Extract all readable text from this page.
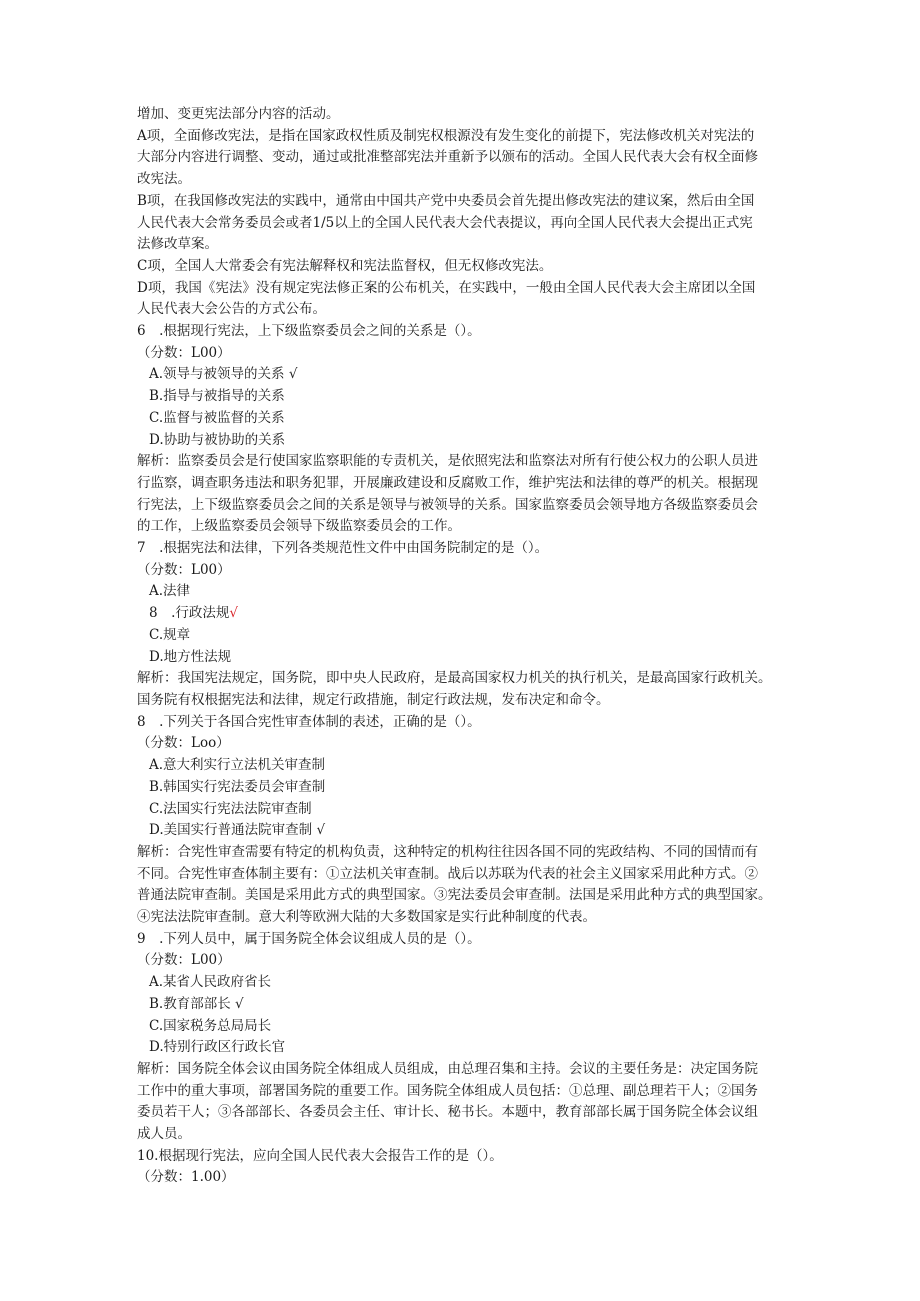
增加、变更宪法部分内容的活动。

A项，全面修改宪法，是指在国家政权性质及制宪权根源没有发生变化的前提下，宪法修改机关对宪法的

大部分内容进行调整、变动，通过或批准整部宪法并重新予以颁布的活动。全国人民代表大会有权全面修

改宪法。

B项，在我国修改宪法的实践中，通常由中国共产党中央委员会首先提出修改宪法的建议案，然后由全国

人民代表大会常务委员会或者1/5以上的全国人民代表大会代表提议，再向全国人民代表大会提出正式宪

法修改草案。

C项，全国人大常委会有宪法解释权和宪法监督权，但无权修改宪法。

D项，我国《宪法》没有规定宪法修正案的公布机关，在实践中，一般由全国人民代表大会主席团以全国

人民代表大会公告的方式公布。

6　.根据现行宪法，上下级监察委员会之间的关系是（）。

（分数：L00）

A.领导与被领导的关系 √

B.指导与被指导的关系

C.监督与被监督的关系

D.协助与被协助的关系

解析：监察委员会是行使国家监察职能的专责机关，是依照宪法和监察法对所有行使公权力的公职人员进

行监察，调查职务违法和职务犯罪，开展廉政建设和反腐败工作，维护宪法和法律的尊严的机关。根据现

行宪法，上下级监察委员会之间的关系是领导与被领导的关系。国家监察委员会领导地方各级监察委员会

的工作，上级监察委员会领导下级监察委员会的工作。

7　.根据宪法和法律，下列各类规范性文件中由国务院制定的是（）。

（分数：L00）

A.法律

8　.行政法规√

C.规章

D.地方性法规

解析：我国宪法规定，国务院，即中央人民政府，是最高国家权力机关的执行机关，是最高国家行政机关。

国务院有权根据宪法和法律，规定行政措施，制定行政法规，发布决定和命令。

8　.下列关于各国合宪性审查体制的表述，正确的是（）。

（分数：Loo）

A.意大利实行立法机关审查制

B.韩国实行宪法委员会审查制

C.法国实行宪法法院审查制

D.美国实行普通法院审查制 √

解析：合宪性审查需要有特定的机构负责，这种特定的机构往往因各国不同的宪政结构、不同的国情而有

不同。合宪性审查体制主要有：①立法机关审查制。战后以苏联为代表的社会主义国家采用此种方式。②

普通法院审查制。美国是采用此方式的典型国家。③宪法委员会审查制。法国是采用此种方式的典型国家。

④宪法法院审查制。意大利等欧洲大陆的大多数国家是实行此种制度的代表。

9　.下列人员中，属于国务院全体会议组成人员的是（）。

（分数：L00）

A.某省人民政府省长

B.教育部部长 √

C.国家税务总局局长

D.特别行政区行政长官

解析：国务院全体会议由国务院全体组成人员组成，由总理召集和主持。会议的主要任务是：决定国务院

工作中的重大事项，部署国务院的重要工作。国务院全体组成人员包括：①总理、副总理若干人；②国务

委员若干人；③各部部长、各委员会主任、审计长、秘书长。本题中，教育部部长属于国务院全体会议组

成人员。

10.根据现行宪法，应向全国人民代表大会报告工作的是（）。

（分数：1.00）
